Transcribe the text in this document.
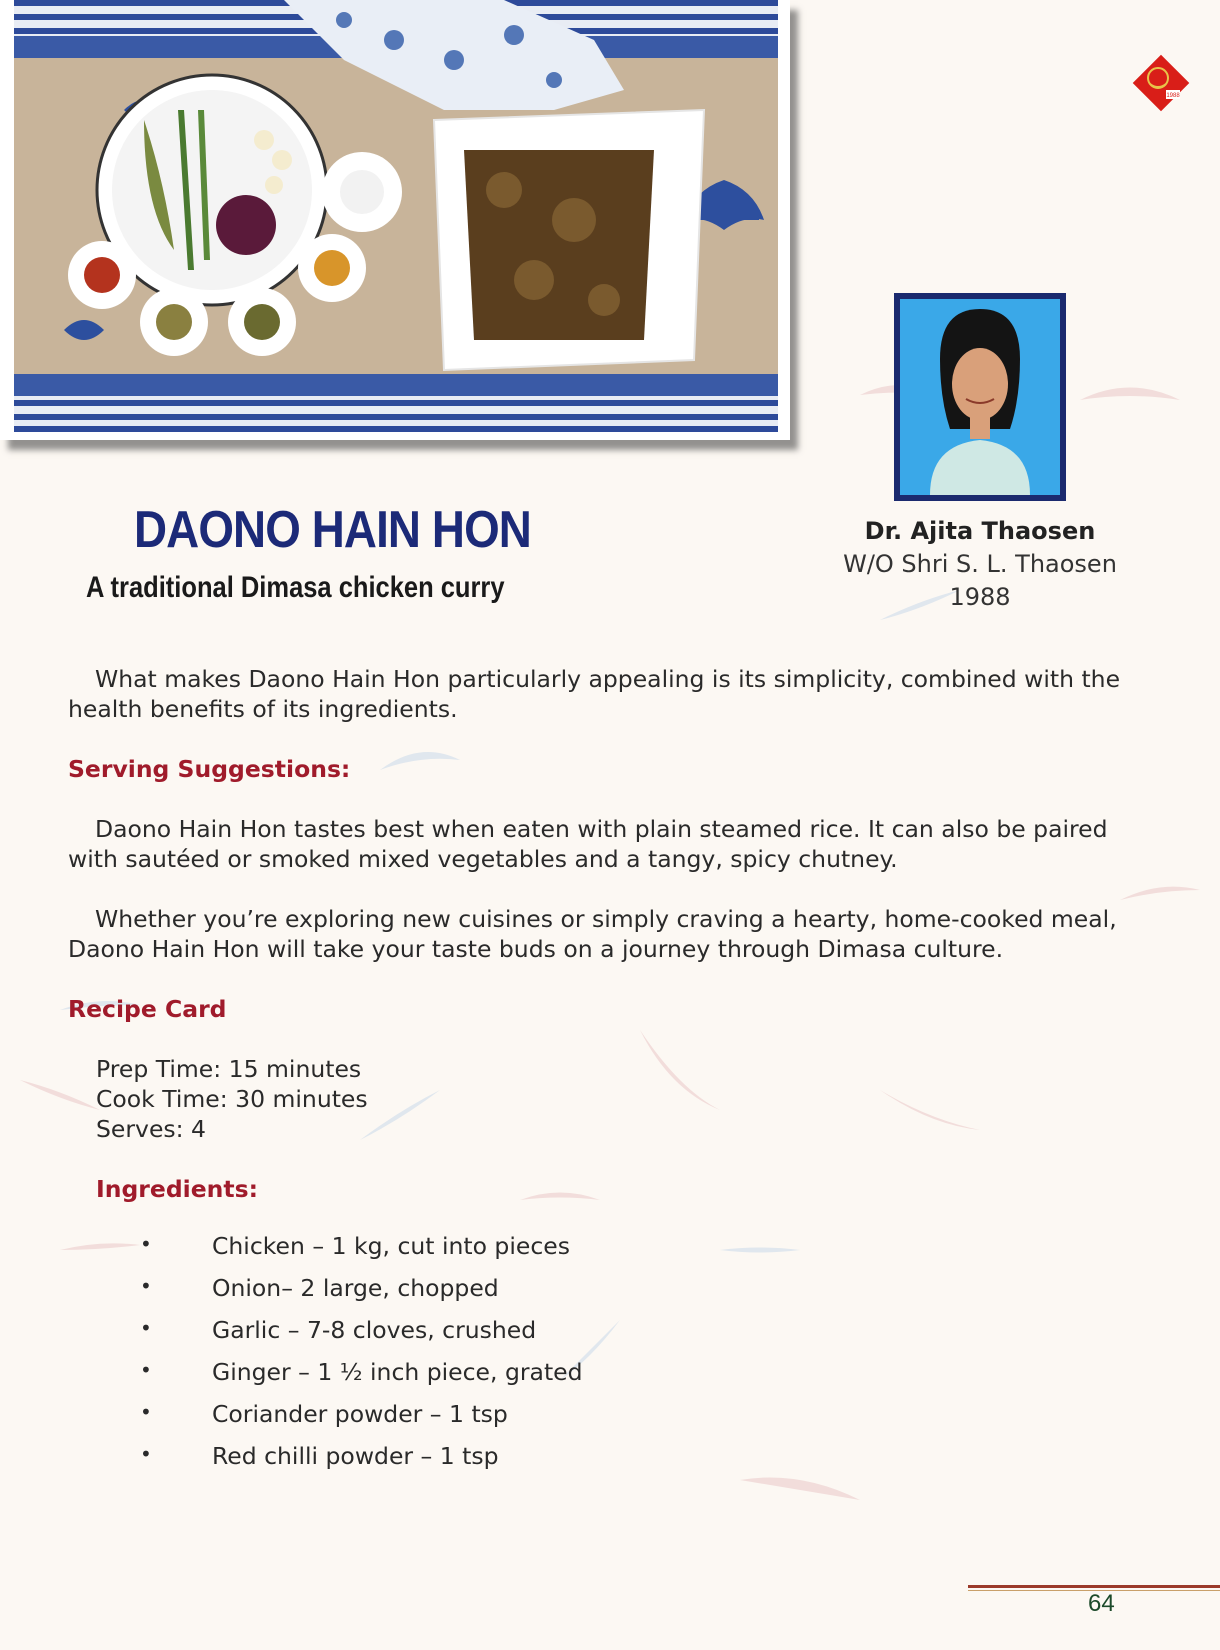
1988
Dr. Ajita Thaosen
W/O Shri S. L. Thaosen
1988
DAONO HAIN HON
A traditional Dimasa chicken curry
What makes Daono Hain Hon particularly appealing is its simplicity, combined with the health benefits of its ingredients.
Serving Suggestions:
Daono Hain Hon tastes best when eaten with plain steamed rice. It can also be paired with sautéed or smoked mixed vegetables and a tangy, spicy chutney.
Whether you’re exploring new cuisines or simply craving a hearty, home-cooked meal, Daono Hain Hon will take your taste buds on a journey through Dimasa culture.
Recipe Card
Prep Time: 15 minutes
Cook Time: 30 minutes
Serves: 4
Ingredients:
•	Chicken – 1 kg, cut into pieces
•	Onion– 2 large, chopped
•	Garlic – 7-8 cloves, crushed
•	Ginger – 1 ½ inch piece, grated
•	Coriander powder – 1 tsp
•	Red chilli powder – 1 tsp
64
